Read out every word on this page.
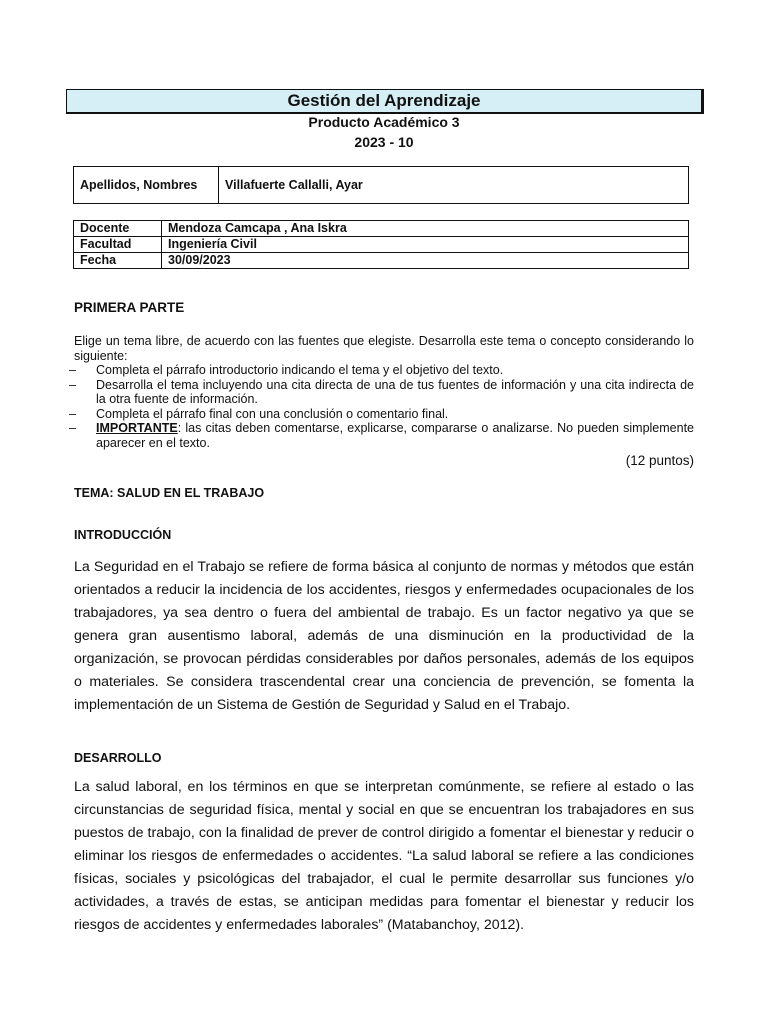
Gestión del Aprendizaje
Producto Académico 3
2023 - 10
Apellidos, Nombres	Villafuerte Callalli, Ayar
Docente	Mendoza Camcapa , Ana Iskra
Facultad	Ingeniería Civil
Fecha	30/09/2023
PRIMERA PARTE

Elige un tema libre, de acuerdo con las fuentes que elegiste. Desarrolla este tema o concepto considerando lo siguiente:

– Completa el párrafo introductorio indicando el tema y el objetivo del texto.
– Desarrolla el tema incluyendo una cita directa de una de tus fuentes de información y una cita indirecta de la otra fuente de información.
– Completa el párrafo final con una conclusión o comentario final.
– IMPORTANTE: las citas deben comentarse, explicarse, compararse o analizarse. No pueden simplemente aparecer en el texto.
(12 puntos)
TEMA: SALUD EN EL TRABAJO
INTRODUCCIÓN

La Seguridad en el Trabajo se refiere de forma básica al conjunto de normas y métodos que están orientados a reducir la incidencia de los accidentes, riesgos y enfermedades ocupacionales de los trabajadores, ya sea dentro o fuera del ambiental de trabajo. Es un factor negativo ya que se genera gran ausentismo laboral, además de una disminución en la productividad de la organización, se provocan pérdidas considerables por daños personales, además de los equipos o materiales. Se considera trascendental crear una conciencia de prevención, se fomenta la implementación de un Sistema de Gestión de Seguridad y Salud en el Trabajo.

DESARROLLO

La salud laboral, en los términos en que se interpretan comúnmente, se refiere al estado o las circunstancias de seguridad física, mental y social en que se encuentran los trabajadores en sus puestos de trabajo, con la finalidad de prever de control dirigido a fomentar el bienestar y reducir o eliminar los riesgos de enfermedades o accidentes. “La salud laboral se refiere a las condiciones físicas, sociales y psicológicas del trabajador, el cual le permite desarrollar sus funciones y/o actividades, a través de estas, se anticipan medidas para fomentar el bienestar y reducir los riesgos de accidentes y enfermedades laborales” (Matabanchoy, 2012).
